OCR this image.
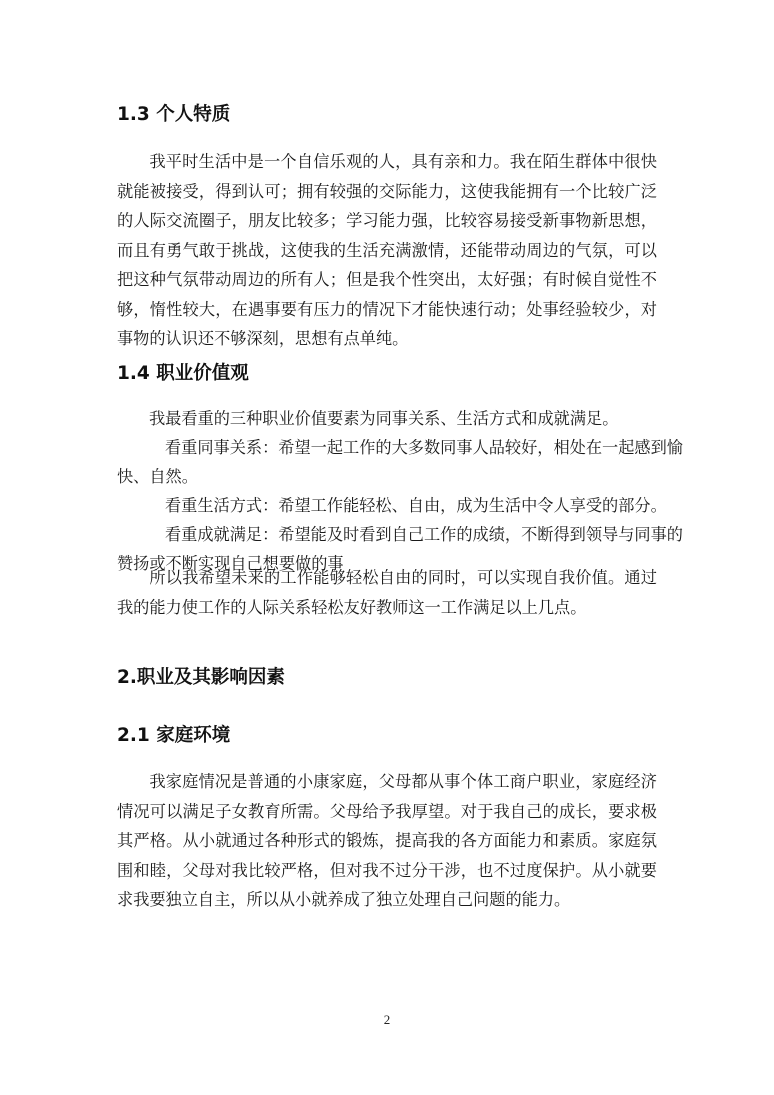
1.3 个人特质
我平时生活中是一个自信乐观的人，具有亲和力。我在陌生群体中很快就能被接受，得到认可；拥有较强的交际能力，这使我能拥有一个比较广泛的人际交流圈子，朋友比较多；学习能力强，比较容易接受新事物新思想，而且有勇气敢于挑战，这使我的生活充满激情，还能带动周边的气氛，可以把这种气氛带动周边的所有人；但是我个性突出，太好强；有时候自觉性不够，惰性较大，在遇事要有压力的情况下才能快速行动；处事经验较少，对事物的认识还不够深刻，思想有点单纯。
1.4 职业价值观
我最看重的三种职业价值要素为同事关系、生活方式和成就满足。
看重同事关系：希望一起工作的大多数同事人品较好，相处在一起感到愉
快、自然。
看重生活方式：希望工作能轻松、自由，成为生活中令人享受的部分。
看重成就满足：希望能及时看到自己工作的成绩，不断得到领导与同事的
赞扬或不断实现自己想要做的事
所以我希望未来的工作能够轻松自由的同时，可以实现自我价值。通过我的能力使工作的人际关系轻松友好教师这一工作满足以上几点。
2.职业及其影响因素
2.1 家庭环境
我家庭情况是普通的小康家庭，父母都从事个体工商户职业，家庭经济情况可以满足子女教育所需。父母给予我厚望。对于我自己的成长，要求极其严格。从小就通过各种形式的锻炼，提高我的各方面能力和素质。家庭氛围和睦，父母对我比较严格，但对我不过分干涉，也不过度保护。从小就要求我要独立自主，所以从小就养成了独立处理自己问题的能力。
2
